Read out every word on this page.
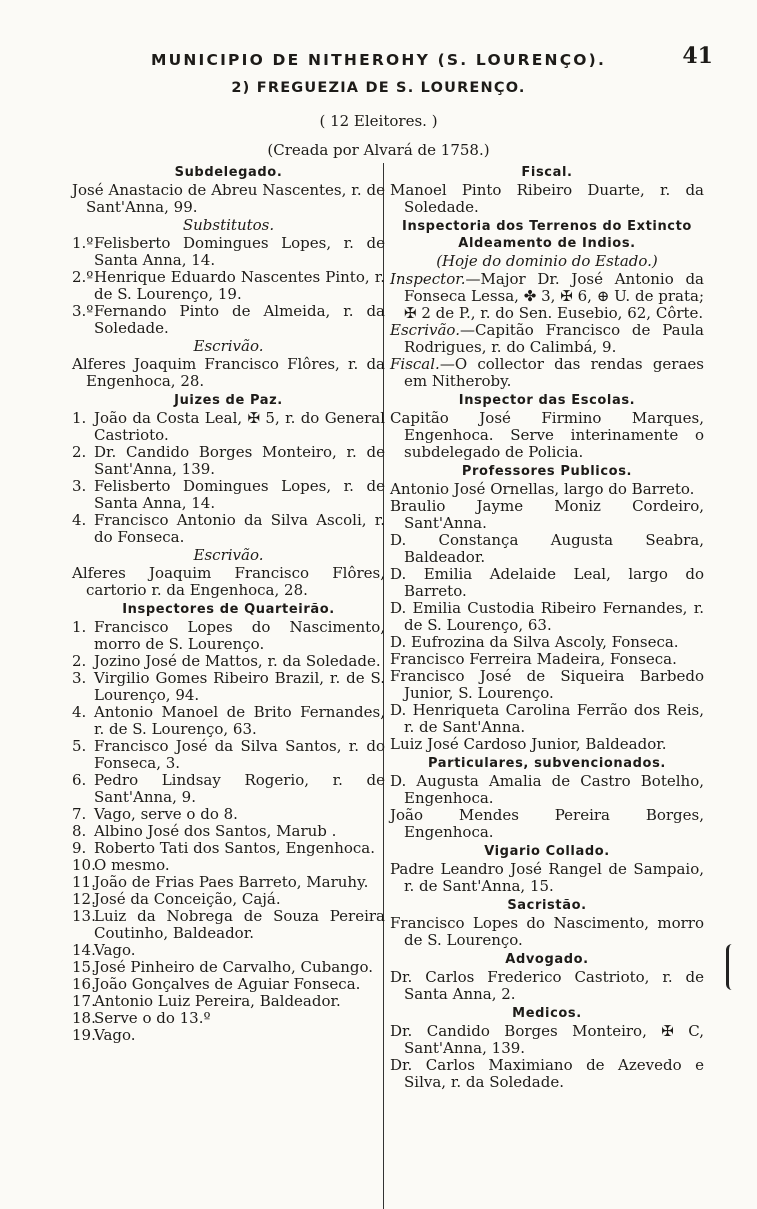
MUNICIPIO DE NITHEROHY (S. LOURENÇO).	41
2) FREGUEZIA DE S. LOURENÇO.
( 12 Eleitores. )
(Creada por Alvará de 1758.)
Subdelegado.

José Anastacio de Abreu Nascentes, r. de Sant'Anna, 99.

Substitutos.
1.ºFelisberto Domingues Lopes, r. de Santa Anna, 14.
2.ºHenrique Eduardo Nascentes Pinto, r. de S. Lourenço, 19.
3.ºFernando Pinto de Almeida, r. da Soledade.
Escrivão.

Alferes Joaquim Francisco Flôres, r. da Engenhoca, 28.

Juizes de Paz.
1. João da Costa Leal, ✠ 5, r. do General Castrioto.
2. Dr. Candido Borges Monteiro, r. de Sant'Anna, 139.
3. Felisberto Domingues Lopes, r. de Santa Anna, 14.
4. Francisco Antonio da Silva Ascoli, r. do Fonseca.
Escrivão.

Alferes Joaquim Francisco Flôres, cartorio r. da Engenhoca, 28.

Inspectores de Quarteirão.
1. Francisco Lopes do Nascimento, morro de S. Lourenço.
2. Jozino José de Mattos, r. da Soledade.
3. Virgilio Gomes Ribeiro Brazil, r. de S. Lourenço, 94.
4. Antonio Manoel de Brito Fernandes, r. de S. Lourenço, 63.
5. Francisco José da Silva Santos, r. do Fonseca, 3.
6. Pedro Lindsay Rogerio, r. de Sant'Anna, 9.
7. Vago, serve o do 8.
8. Albino José dos Santos, Marub .
9. Roberto Tati dos Santos, Engenhoca.
10.O mesmo.
11.João de Frias Paes Barreto, Maruhy.
12.José da Conceição, Cajá.
13.Luiz da Nobrega de Souza Pereira Coutinho, Baldeador.
14.Vago.
15.José Pinheiro de Carvalho, Cubango.
16.João Gonçalves de Aguiar Fonseca.
17.Antonio Luiz Pereira, Baldeador.
18.Serve o do 13.º
19.Vago.
Fiscal.

Manoel Pinto Ribeiro Duarte, r. da Soledade.

Inspectoria dos Terrenos do Extincto Aldeamento de Indios.
(Hoje do dominio do Estado.)

Inspector.—Major Dr. José Antonio da Fonseca Lessa, ✤ 3, ✠ 6, ⊕ U. de prata; ✠ 2 de P., r. do Sen. Eusebio, 62, Côrte.

Escrivão.—Capitão Francisco de Paula Rodrigues, r. do Calimbá, 9.

Fiscal.—O collector das rendas geraes em Nitheroby.

Inspector das Escolas.

Capitão José Firmino Marques, Engenhoca. Serve interinamente o subdelegado de Policia.

Professores Publicos.

Antonio José Ornellas, largo do Barreto.

Braulio Jayme Moniz Cordeiro, Sant'Anna.

D. Constança Augusta Seabra, Baldeador.

D. Emilia Adelaide Leal, largo do Barreto.

D. Emilia Custodia Ribeiro Fernandes, r. de S. Lourenço, 63.

D. Eufrozina da Silva Ascoly, Fonseca.

Francisco Ferreira Madeira, Fonseca.

Francisco José de Siqueira Barbedo Junior, S. Lourenço.

D. Henriqueta Carolina Ferrão dos Reis, r. de Sant'Anna.

Luiz José Cardoso Junior, Baldeador.

Particulares, subvencionados.

D. Augusta Amalia de Castro Botelho, Engenhoca.

João Mendes Pereira Borges, Engenhoca.

Vigario Collado.

Padre Leandro José Rangel de Sampaio, r. de Sant'Anna, 15.

Sacristão.

Francisco Lopes do Nascimento, morro de S. Lourenço.

Advogado.

Dr. Carlos Frederico Castrioto, r. de Santa Anna, 2.

Medicos.

Dr. Candido Borges Monteiro, ✠ C, Sant'Anna, 139.

Dr. Carlos Maximiano de Azevedo e Silva, r. da Soledade.
